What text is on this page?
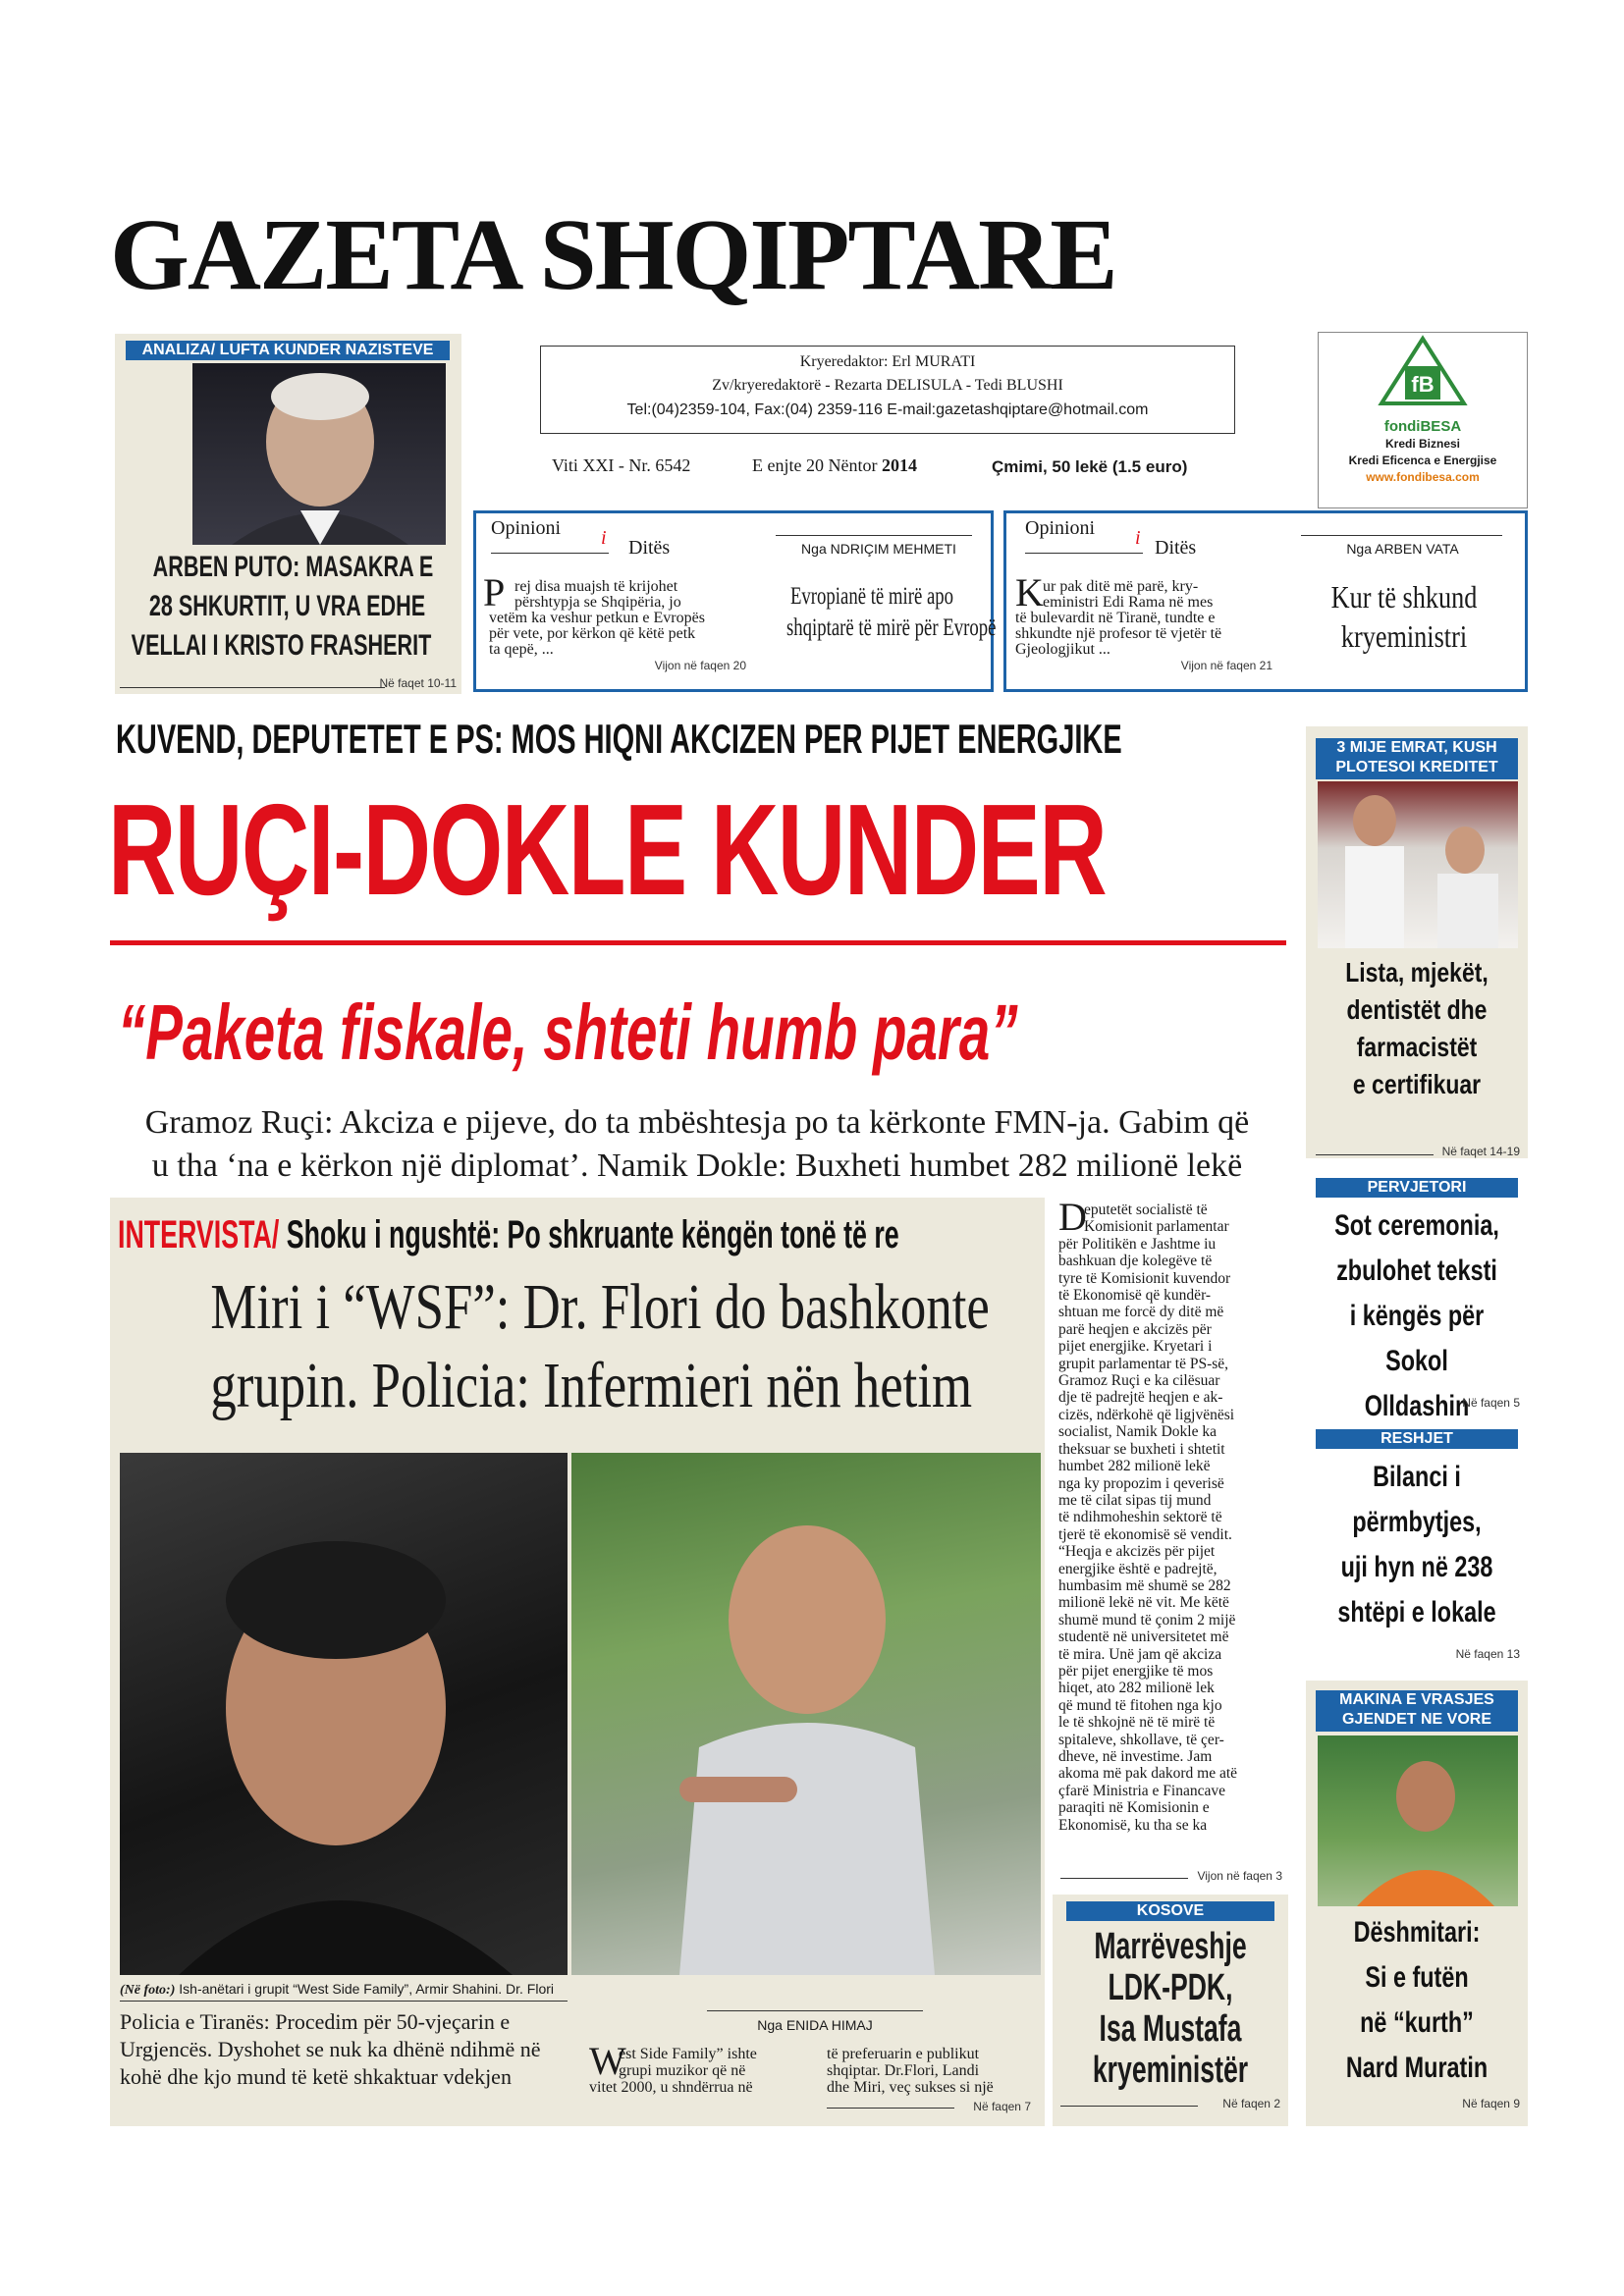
GAZETA SHQIPTARE
ANALIZA/ LUFTA KUNDER NAZISTEVE
ARBEN PUTO: MASAKRA E
28 SHKURTIT, U VRA EDHE
VELLAI I KRISTO FRASHERIT
Në faqet 10-11
Kryeredaktor: Erl MURATI
Zv/kryeredaktorë - Rezarta DELISULA - Tedi BLUSHI
Tel:(04)2359-104, Fax:(04) 2359-116 E-mail:gazetashqiptare@hotmail.com
Viti XXI - Nr. 6542	E enjte 20 Nëntor 2014	Çmimi, 50 lekë (1.5 euro)
fB
fondiBESA
Kredi Biznesi
Kredi Eficenca e Energjise
www.fondibesa.com
Opinioni	i Ditës	Nga NDRIÇIM MEHMETI
P rej disa muajsh të krijohet
përshtypja se Shqipëria, jo
vetëm ka veshur petkun e Evropës
për vete, por kërkon që këtë petk
ta qepë, ...
Vijon në faqen 20
Evropianë të mirë apo
shqiptarë të mirë për Evropë
Opinioni	i Ditës	Nga ARBEN VATA
K ur pak ditë më parë, kry-
eministri Edi Rama në mes
të bulevardit në Tiranë, tundte e
shkundte një profesor të vjetër të
Gjeologjikut ...
Vijon në faqen 21
Kur të shkund
kryeministri
KUVEND, DEPUTETET E PS: MOS HIQNI AKCIZEN PER PIJET ENERGJIKE
RUÇI-DOKLE KUNDER
“Paketa fiskale, shteti humb para”
Gramoz Ruçi: Akciza e pijeve, do ta mbështesja po ta kërkonte FMN-ja. Gabim që
u tha ‘na e kërkon një diplomat’. Namik Dokle: Buxheti humbet 282 milionë lekë
D
eputetët socialistë të
Komisionit parlamentar
për Politikën e Jashtme iu
bashkuan dje kolegëve të
tyre të Komisionit kuvendor
të Ekonomisë që kundër-
shtuan me forcë dy ditë më
parë heqjen e akcizës për
pijet energjike. Kryetari i
grupit parlamentar të PS-së,
Gramoz Ruçi e ka cilësuar
dje të padrejtë heqjen e ak-
cizës, ndërkohë që ligjvënësi
socialist, Namik Dokle ka
theksuar se buxheti i shtetit
humbet 282 milionë lekë
nga ky propozim i qeverisë
me të cilat sipas tij mund
të ndihmoheshin sektorë të
tjerë të ekonomisë së vendit.
“Heqja e akcizës për pijet
energjike është e padrejtë,
humbasim më shumë se 282
milionë lekë në vit. Me këtë
shumë mund të çonim 2 mijë
studentë në universitetet më
të mira. Unë jam që akciza
për pijet energjike të mos
hiqet, ato 282 milionë lek
që mund të fitohen nga kjo
le të shkojnë në të mirë të
spitaleve, shkollave, të çer-
dheve, në investime. Jam
akoma më pak dakord me atë
çfarë Ministria e Financave
paraqiti në Komisionin e
Ekonomisë, ku tha se ka
Vijon në faqen 3
INTERVISTA/ Shoku i ngushtë: Po shkruante këngën tonë të re
Miri i “WSF”: Dr. Flori do bashkonte
grupin. Policia: Infermieri nën hetim
(Në foto:) Ish-anëtari i grupit “West Side Family”, Armir Shahini. Dr. Flori
Policia e Tiranës: Procedim për 50-vjeçarin e
Urgjencës. Dyshohet se nuk ka dhënë ndihmë në
kohë dhe kjo mund të ketë shkaktuar vdekjen
Nga ENIDA HIMAJ
W
est Side Family” ishte
grupi muzikor që në
vitet 2000, u shndërrua në
të preferuarin e publikut
shqiptar. Dr.Flori, Landi
dhe Miri, veç sukses si një
Në faqen 7
KOSOVE
Marrëveshje
LDK-PDK,
Isa Mustafa
kryeministër
Në faqen 2
3 MIJE EMRAT, KUSH
PLOTESOI KREDITET
Lista, mjekët,
dentistët dhe
farmacistët
e certifikuar
Në faqet 14-19
PERVJETORI
Sot ceremonia,
zbulohet teksti
i këngës për
Sokol Olldashin
Në faqen 5
RESHJET
Bilanci i
përmbytjes,
uji hyn në 238
shtëpi e lokale
Në faqen 13
MAKINA E VRASJES
GJENDET NE VORE
Dëshmitari:
Si e futën
në “kurth”
Nard Muratin
Në faqen 9
